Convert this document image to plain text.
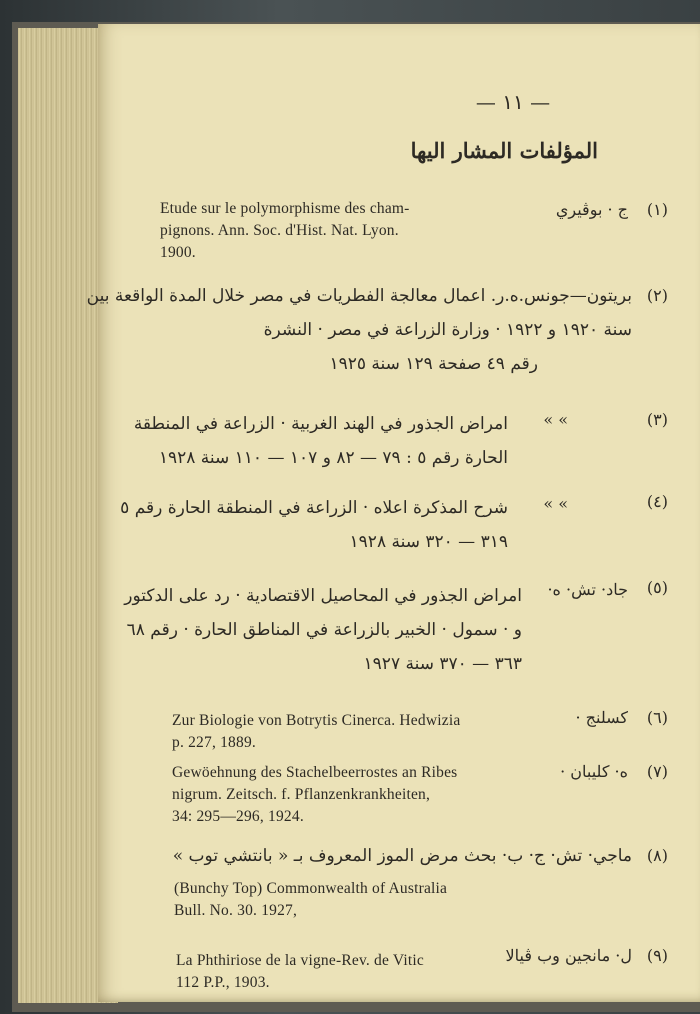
— ١١ —
المؤلفات المشار اليها
(١)
ج · بوڤيري
Etude sur le polymorphisme des cham-
pignons. Ann. Soc. d'Hist. Nat. Lyon.
1900.
(٢)
بريتون—جونس.ه.ر. اعمال معالجة الفطريات في مصر خلال المدة الواقعة بين
سنة ١٩٢٠ و ١٩٢٢ · وزارة الزراعة في مصر · النشرة
رقم ٤٩ صفحة ١٢٩ سنة ١٩٢٥
(٣)
« «
امراض الجذور في الهند الغربية · الزراعة في المنطقة
الحارة رقم ٥ : ٧٩ — ٨٢ و ١٠٧ — ١١٠ سنة ١٩٢٨
(٤)
« «
شرح المذكرة اعلاه · الزراعة في المنطقة الحارة رقم ٥
٣١٩ — ٣٢٠ سنة ١٩٢٨
(٥)
جاد· تش· ه·
امراض الجذور في المحاصيل الاقتصادية · رد على الدكتور
و · سمول · الخبير بالزراعة في المناطق الحارة · رقم ٦٨
٣٦٣ — ٣٧٠ سنة ١٩٢٧
(٦)
كسلنج ·
Zur Biologie von Botrytis Cinerca. Hedwizia
p. 227, 1889.
(٧)
ه· كليبان ·
Gewöehnung des Stachelbeerrostes an Ribes
nigrum. Zeitsch. f. Pflanzenkrankheiten,
34: 295—296, 1924.
(٨)
ماجي· تش· ج· ب· بحث مرض الموز المعروف بـ « بانتشي توب »
(Bunchy Top) Commonwealth of Australia
Bull. No. 30. 1927,
(٩)
ل· مانجين وب ڤيالا
La Phthiriose de la vigne-Rev. de Vitic
112 P.P., 1903.
